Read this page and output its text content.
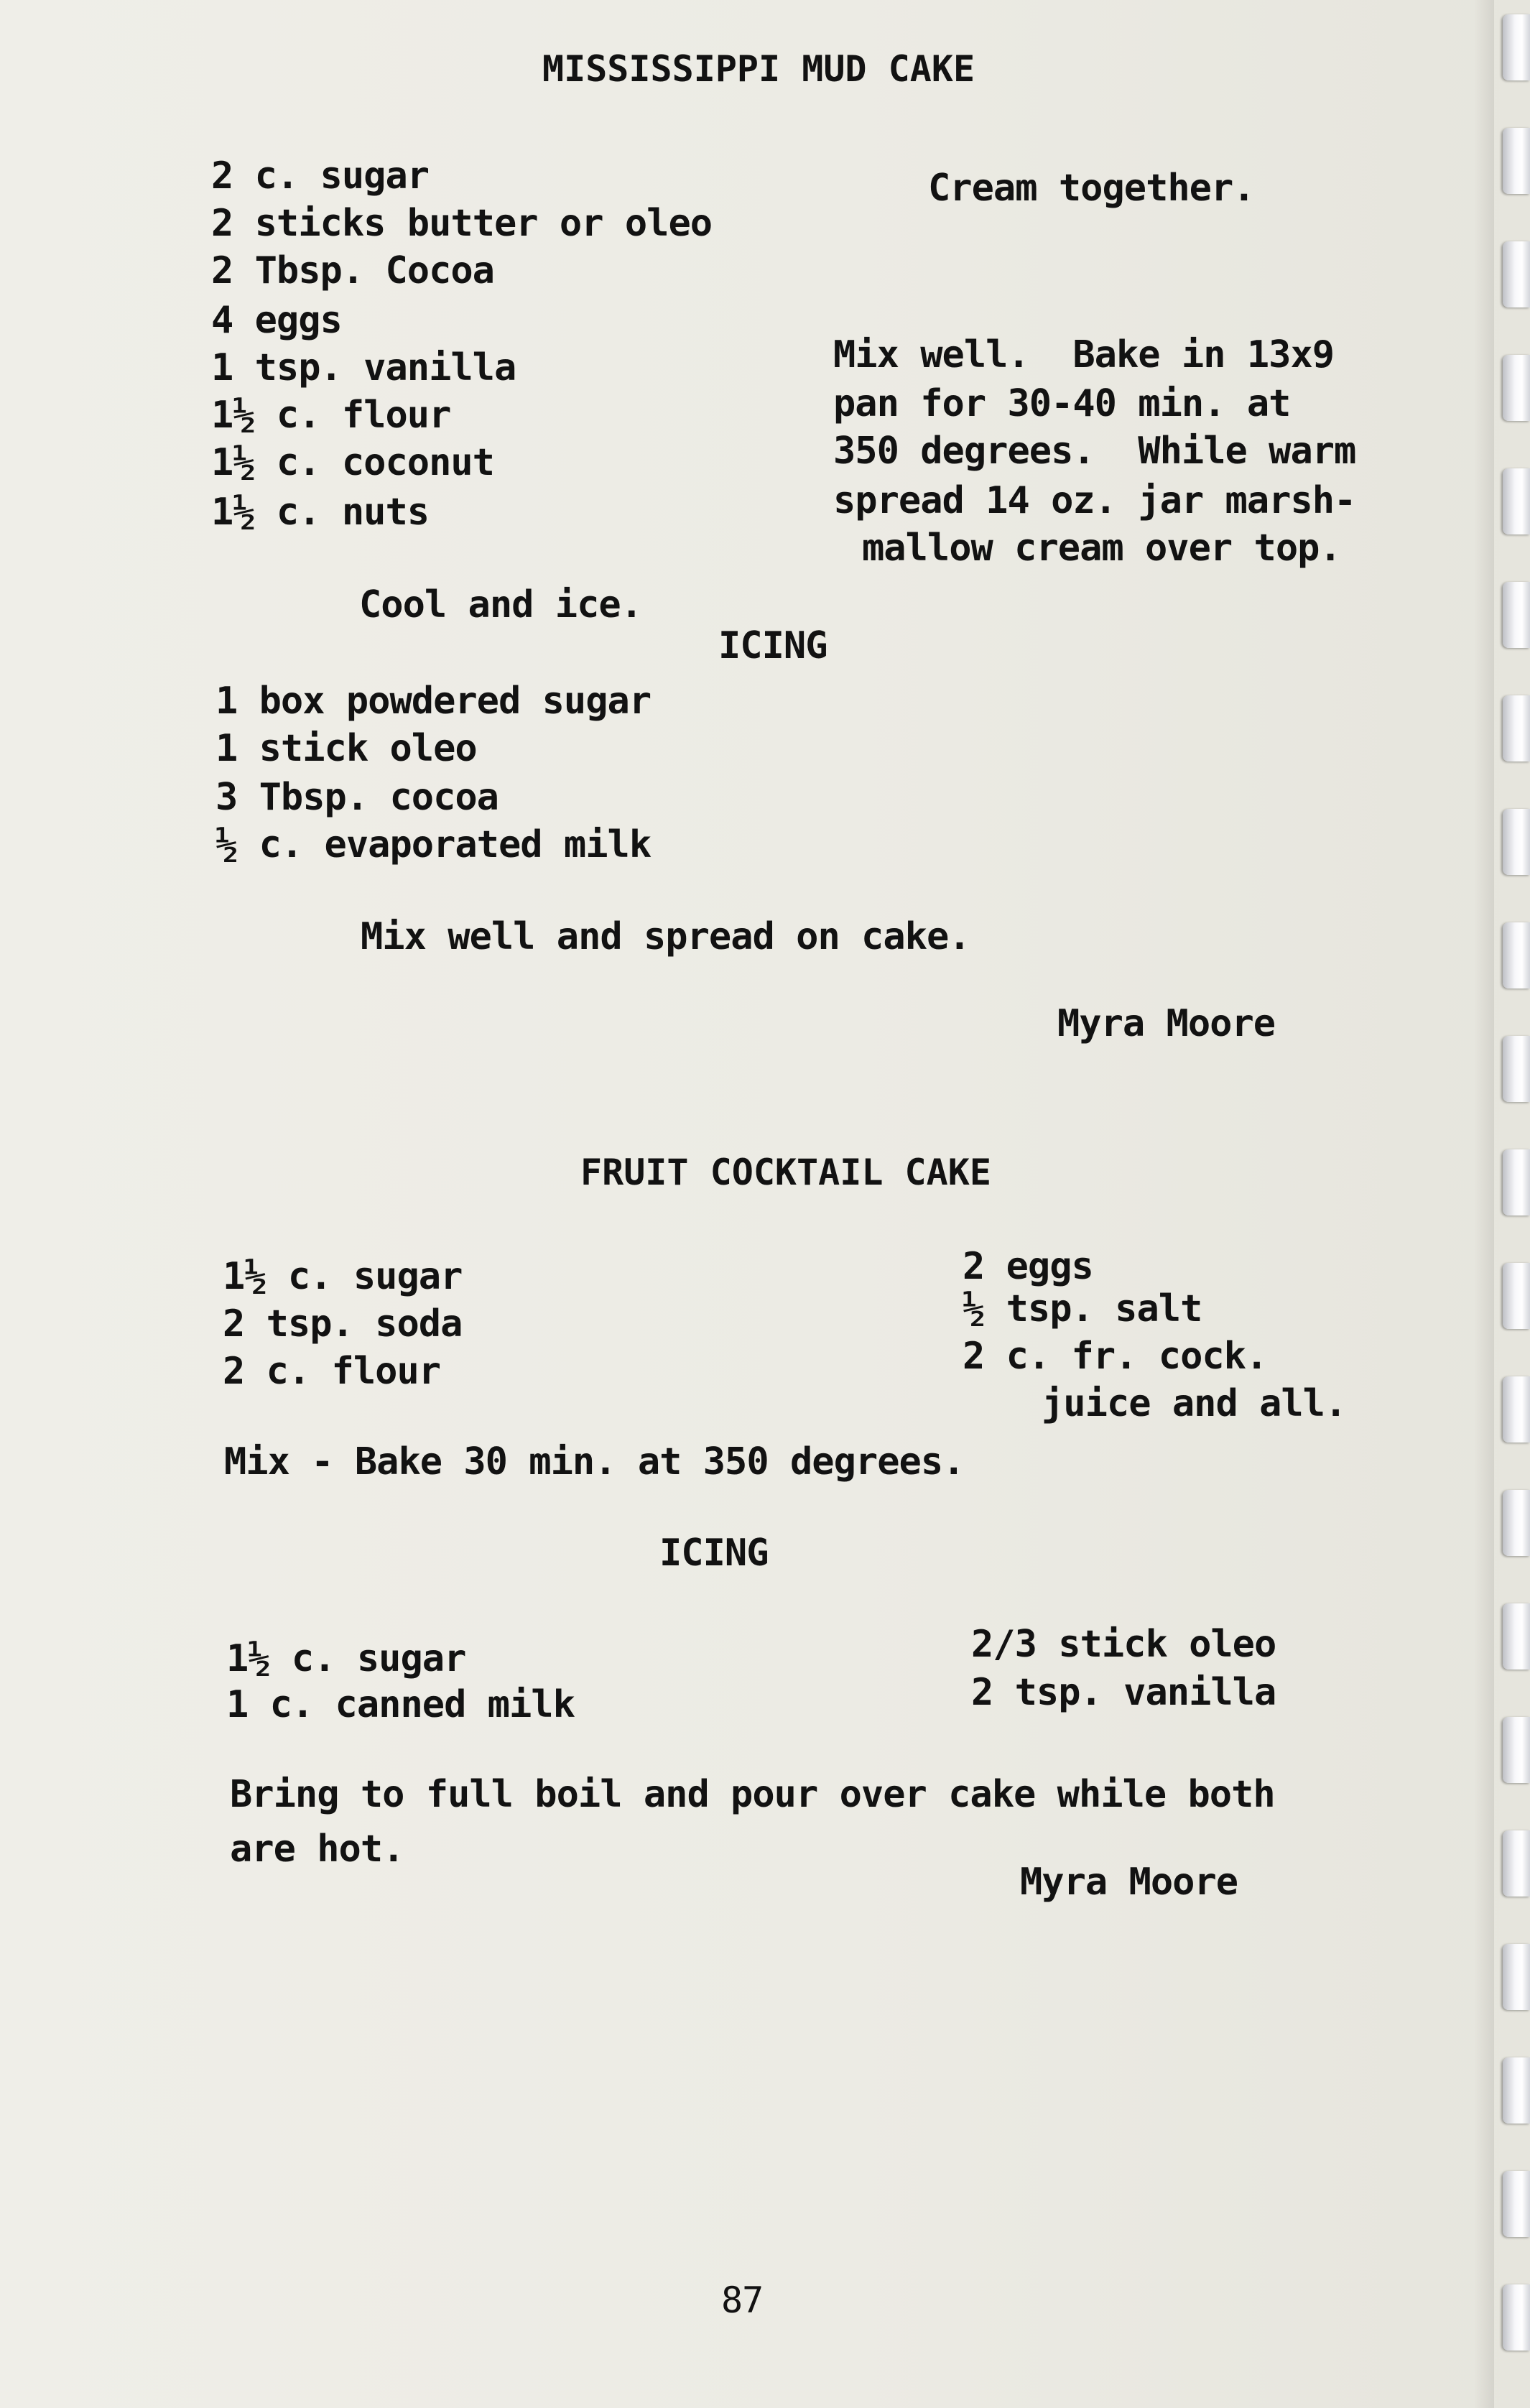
MISSISSIPPI MUD CAKE
2 c. sugar
2 sticks butter or oleo
2 Tbsp. Cocoa
4 eggs
1 tsp. vanilla
1½ c. flour
1½ c. coconut
1½ c. nuts
Cream together.
Mix well.  Bake in 13x9
pan for 30-40 min. at
350 degrees.  While warm
spread 14 oz. jar marsh-
mallow cream over top.
Cool and ice.
ICING
1 box powdered sugar
1 stick oleo
3 Tbsp. cocoa
½ c. evaporated milk
Mix well and spread on cake.
Myra Moore
FRUIT COCKTAIL CAKE
1½ c. sugar
2 tsp. soda
2 c. flour
2 eggs
½ tsp. salt
2 c. fr. cock.
juice and all.
Mix - Bake 30 min. at 350 degrees.
ICING
1½ c. sugar
1 c. canned milk
2/3 stick oleo
2 tsp. vanilla
Bring to full boil and pour over cake while both
are hot.
Myra Moore
87
